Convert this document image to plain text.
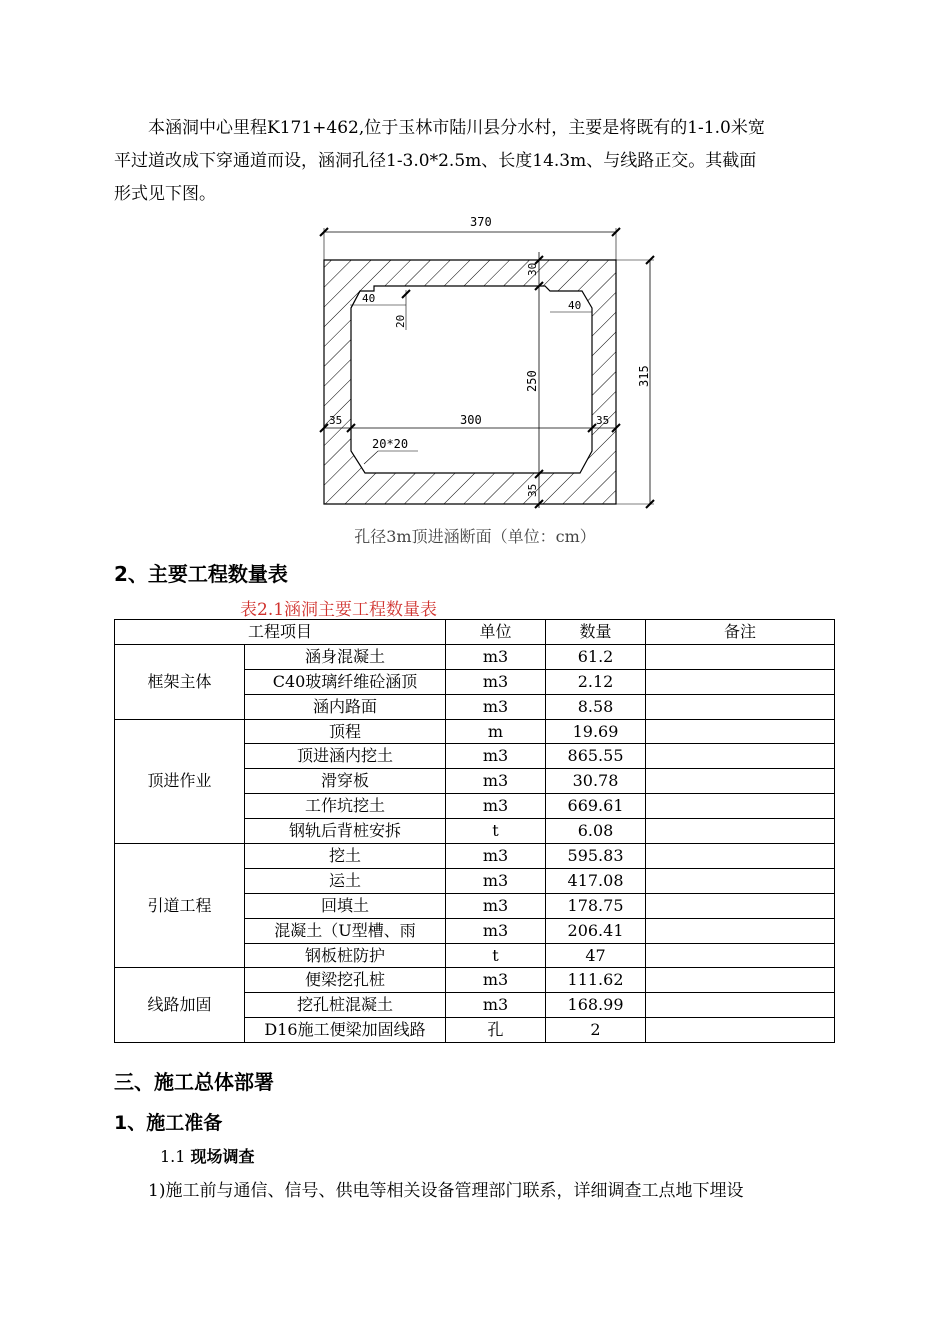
本涵洞中心里程K171+462,位于玉林市陆川县分水村，主要是将既有的1-1.0米宽

平过道改成下穿通道而设，涵洞孔径1-3.0*2.5m、长度14.3m、与线路正交。其截面

形式见下图。

370
315
30
250
35
40
20
40
35	300	35
20*20
孔径3m顶进涵断面（单位：cm）
2、主要工程数量表
表2.1涵洞主要工程数量表
工程项目		单位	数量	备注
框架主体	涵身混凝土	m3	61.2	
	C40玻璃纤维砼涵顶	m3	2.12	
	涵内路面	m3	8.58	
顶进作业	顶程	m	19.69	
	顶进涵内挖土	m3	865.55	
	滑穿板	m3	30.78	
	工作坑挖土	m3	669.61	
	钢轨后背桩安拆	t	6.08	
引道工程	挖土	m3	595.83	
	运土	m3	417.08	
	回填土	m3	178.75	
	混凝土（U型槽、雨	m3	206.41	
	钢板桩防护	t	47	
线路加固	便梁挖孔桩	m3	111.62	
	挖孔桩混凝土	m3	168.99	
	D16施工便梁加固线路	孔	2	
三、施工总体部署
1、施工准备
1.1 现场调查
1)施工前与通信、信号、供电等相关设备管理部门联系，详细调查工点地下埋设
